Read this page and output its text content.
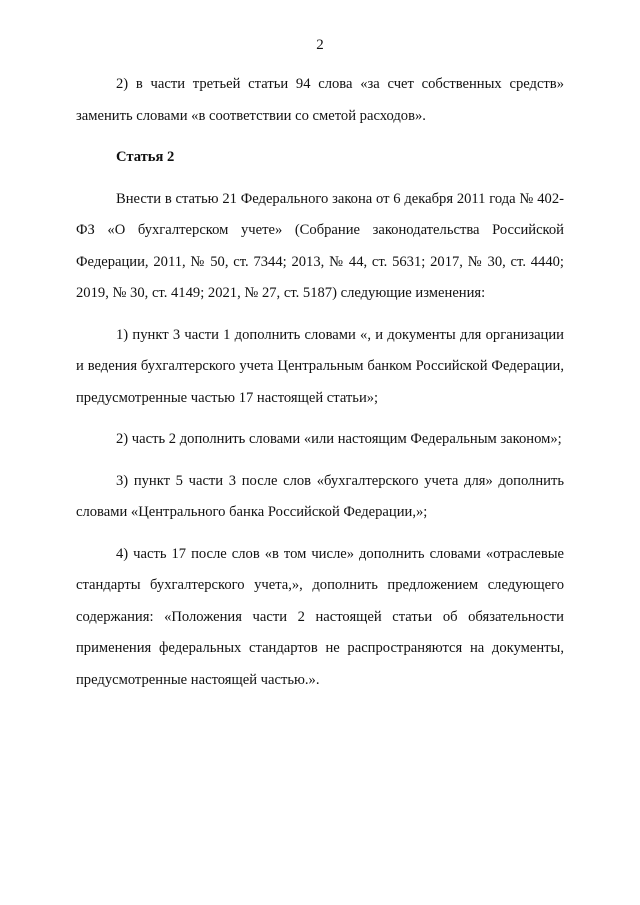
2

2) в части третьей статьи 94 слова «за счет собственных средств» заменить словами «в соответствии со сметой расходов».

Статья 2

Внести в статью 21 Федерального закона от 6 декабря 2011 года № 402-ФЗ «О бухгалтерском учете» (Собрание законодательства Российской Федерации, 2011, № 50, ст. 7344; 2013, № 44, ст. 5631; 2017, № 30, ст. 4440; 2019, № 30, ст. 4149; 2021, № 27, ст. 5187) следующие изменения:

1) пункт 3 части 1 дополнить словами «, и документы для организации и ведения бухгалтерского учета Центральным банком Российской Федерации, предусмотренные частью 17 настоящей статьи»;

2) часть 2 дополнить словами «или настоящим Федеральным законом»;

3) пункт 5 части 3 после слов «бухгалтерского учета для» дополнить словами «Центрального банка Российской Федерации,»;

4) часть 17 после слов «в том числе» дополнить словами «отраслевые стандарты бухгалтерского учета,», дополнить предложением следующего содержания: «Положения части 2 настоящей статьи об обязательности применения федеральных стандартов не распространяются на документы, предусмотренные настоящей частью.».
